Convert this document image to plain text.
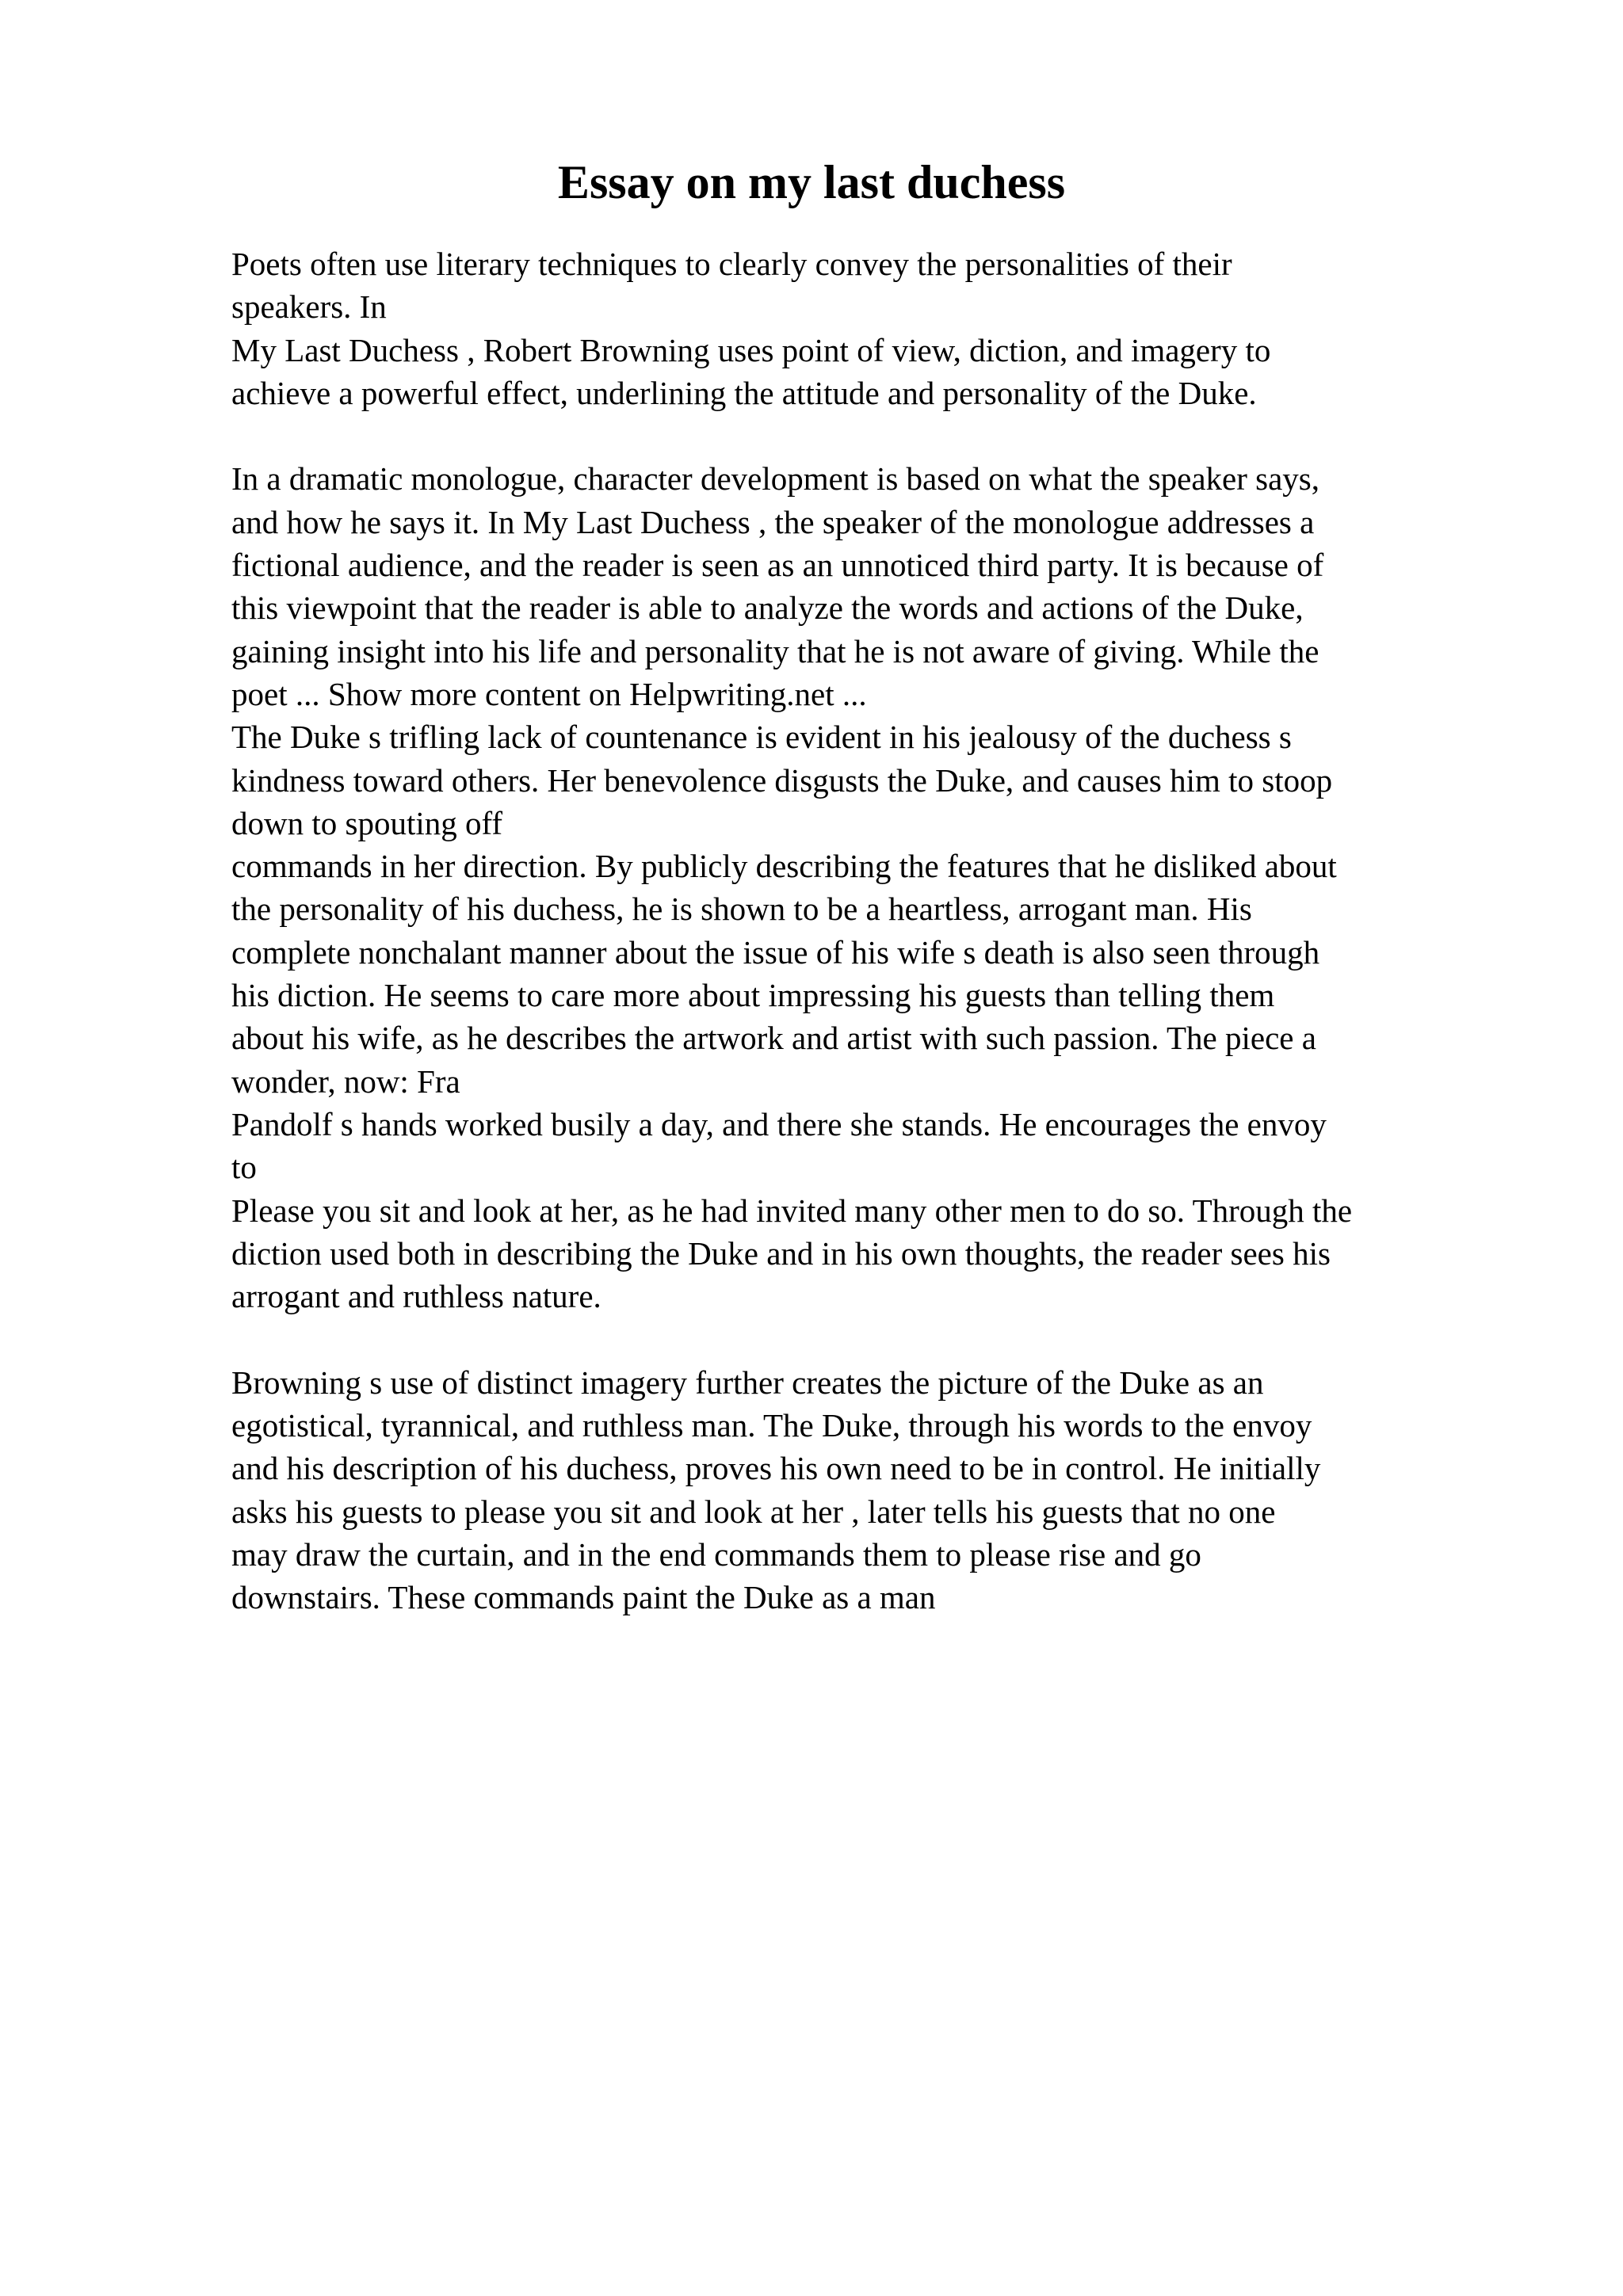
Essay on my last duchess
Poets often use literary techniques to clearly convey the personalities of their
speakers. In
My Last Duchess , Robert Browning uses point of view, diction, and imagery to
achieve a powerful effect, underlining the attitude and personality of the Duke.
In a dramatic monologue, character development is based on what the speaker says,
and how he says it. In My Last Duchess , the speaker of the monologue addresses a
fictional audience, and the reader is seen as an unnoticed third party. It is because of
this viewpoint that the reader is able to analyze the words and actions of the Duke,
gaining insight into his life and personality that he is not aware of giving. While the
poet ... Show more content on Helpwriting.net ...
The Duke s trifling lack of countenance is evident in his jealousy of the duchess s
kindness toward others. Her benevolence disgusts the Duke, and causes him to stoop
down to spouting off
commands in her direction. By publicly describing the features that he disliked about
the personality of his duchess, he is shown to be a heartless, arrogant man. His
complete nonchalant manner about the issue of his wife s death is also seen through
his diction. He seems to care more about impressing his guests than telling them
about his wife, as he describes the artwork and artist with such passion. The piece a
wonder, now: Fra
Pandolf s hands worked busily a day, and there she stands. He encourages the envoy
to
Please you sit and look at her, as he had invited many other men to do so. Through the
diction used both in describing the Duke and in his own thoughts, the reader sees his
arrogant and ruthless nature.
Browning s use of distinct imagery further creates the picture of the Duke as an
egotistical, tyrannical, and ruthless man. The Duke, through his words to the envoy
and his description of his duchess, proves his own need to be in control. He initially
asks his guests to please you sit and look at her , later tells his guests that no one
may draw the curtain, and in the end commands them to please rise and go
downstairs. These commands paint the Duke as a man
